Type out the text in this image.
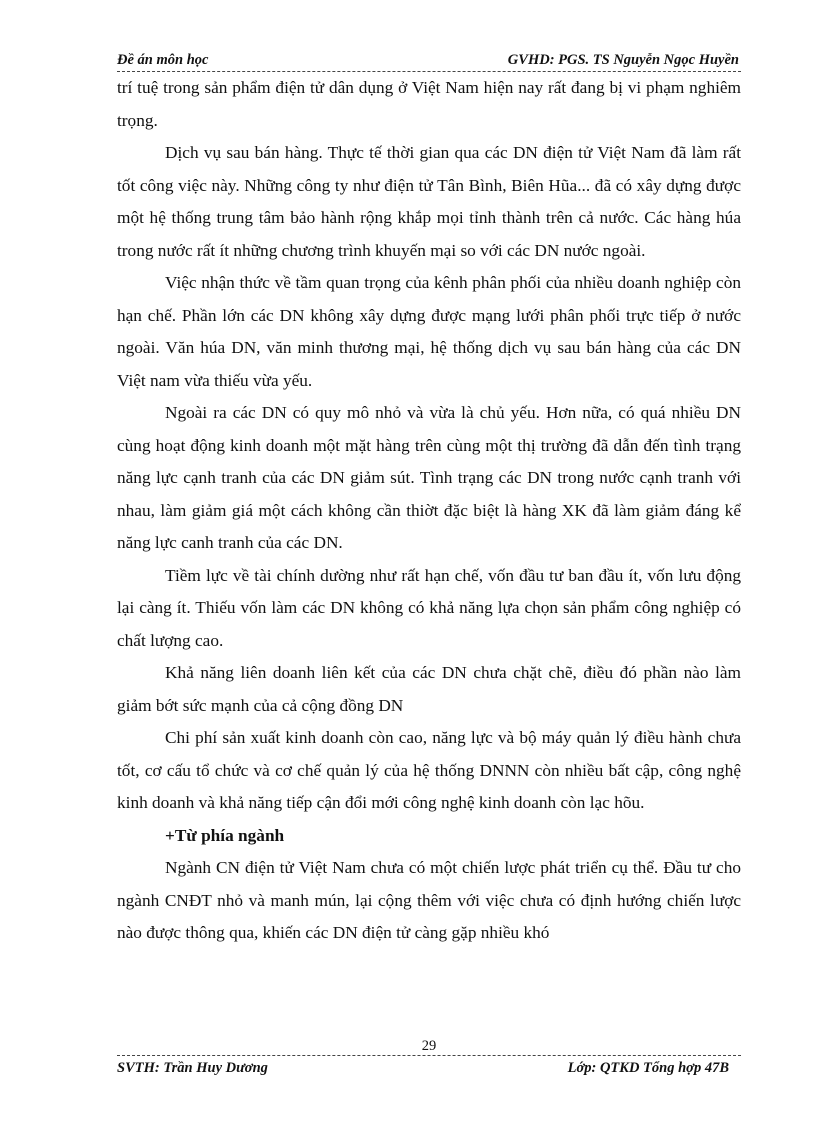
Đề án môn học	GVHD: PGS. TS Nguyễn Ngọc Huyền

trí tuệ trong sản phẩm điện tử dân dụng ở Việt Nam hiện nay rất đang bị vi phạm nghiêm trọng.

Dịch vụ sau bán hàng. Thực tế thời gian qua các DN điện tử Việt Nam đã làm rất tốt công việc này. Những công ty như điện tử Tân Bình, Biên Hũa... đã có xây dựng được một hệ thống trung tâm bảo hành rộng khắp mọi tỉnh thành trên cả nước. Các hàng húa trong nước rất ít những chương trình khuyến mại so với các DN nước ngoài.

Việc nhận thức về tầm quan trọng của kênh phân phối của nhiều doanh nghiệp còn hạn chế. Phần lớn các DN không xây dựng được mạng lưới phân phối trực tiếp ở nước ngoài. Văn húa DN, văn minh thương mại, hệ thống dịch vụ sau bán hàng của các DN Việt nam vừa thiếu vừa yếu.

Ngoài ra các DN có quy mô nhỏ và vừa là chủ yếu. Hơn nữa, có quá nhiều DN cùng hoạt động kinh doanh một mặt hàng trên cùng một thị trường đã dẫn đến tình trạng năng lực cạnh tranh của các DN giảm sút. Tình trạng các DN trong nước cạnh tranh với nhau, làm giảm giá một cách không cần thiờt đặc biệt là hàng XK đã làm giảm đáng kể năng lực canh tranh của các DN.

Tiềm lực về tài chính dường như rất hạn chế, vốn đầu tư ban đầu ít, vốn lưu động lại càng ít. Thiếu vốn làm các DN không có khả năng lựa chọn sản phẩm công nghiệp có chất lượng cao.

Khả năng liên doanh liên kết của các DN chưa chặt chẽ, điều đó phần nào làm giảm bớt sức mạnh của cả cộng đồng DN

Chi phí sản xuất kinh doanh còn cao, năng lực và bộ máy quản lý điều hành chưa tốt, cơ cấu tổ chức và cơ chế quản lý của hệ thống DNNN còn nhiều bất cập, công nghệ kinh doanh và khả năng tiếp cận đổi mới công nghệ kinh doanh còn lạc hõu.

+Từ phía ngành

Ngành CN điện tử Việt Nam chưa có một chiến lược phát triển cụ thể. Đầu tư cho ngành CNĐT nhỏ và manh mún, lại cộng thêm với việc chưa có định hướng chiến lược nào được thông qua, khiến các DN điện tử càng gặp nhiều khó

29
SVTH: Trần Huy Dương	Lớp: QTKD Tổng hợp 47B
